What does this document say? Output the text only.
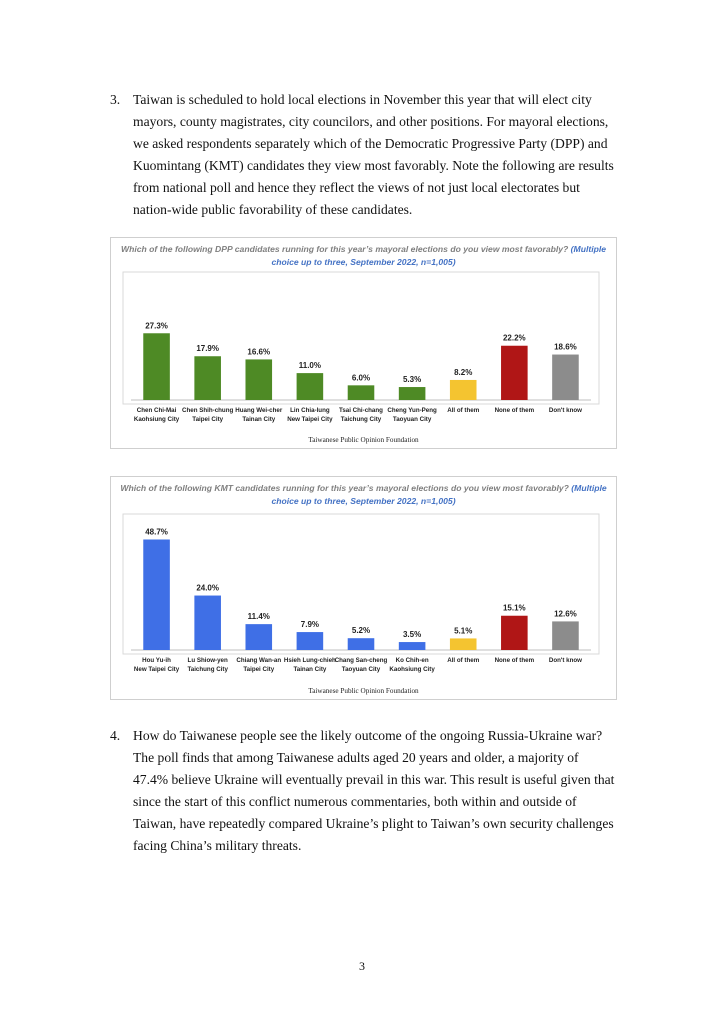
3. Taiwan is scheduled to hold local elections in November this year that will elect city mayors, county magistrates, city councilors, and other positions. For mayoral elections, we asked respondents separately which of the Democratic Progressive Party (DPP) and Kuomintang (KMT) candidates they view most favorably. Note the following are results from national poll and hence they reflect the views of not just local electorates but nation-wide public favorability of these candidates.
Which of the following DPP candidates running for this year’s mayoral elections do you view most favorably? (Multiple choice up to three, September 2022, n=1,005)
27.3%
Chen Chi-Mai
Kaohsiung City
17.9%
Chen Shih-chung
Taipei City
16.6%
Huang Wei-cher
Tainan City
11.0%
Lin Chia-lung
New Taipei City
6.0%
Tsai Chi-chang
Taichung City
5.3%
Cheng Yun-Peng
Taoyuan City
8.2%
All of them
22.2%
None of them
18.6%
Don't know
Taiwanese Public Opinion Foundation
Which of the following KMT candidates running for this year’s mayoral elections do you view most favorably? (Multiple choice up to three, September 2022, n=1,005)
48.7%
Hou Yu-ih
New Taipei City
24.0%
Lu Shiow-yen
Taichung City
11.4%
Chiang Wan-an
Taipei City
7.9%
Hsieh Lung-chieh
Tainan City
5.2%
Chang San-cheng
Taoyuan City
3.5%
Ko Chih-en
Kaohsiung City
5.1%
All of them
15.1%
None of them
12.6%
Don't know
Taiwanese Public Opinion Foundation
4. How do Taiwanese people see the likely outcome of the ongoing Russia-Ukraine war? The poll finds that among Taiwanese adults aged 20 years and older, a majority of 47.4% believe Ukraine will eventually prevail in this war. This result is useful given that since the start of this conflict numerous commentaries, both within and outside of Taiwan, have repeatedly compared Ukraine’s plight to Taiwan’s own security challenges facing China’s military threats.
3
